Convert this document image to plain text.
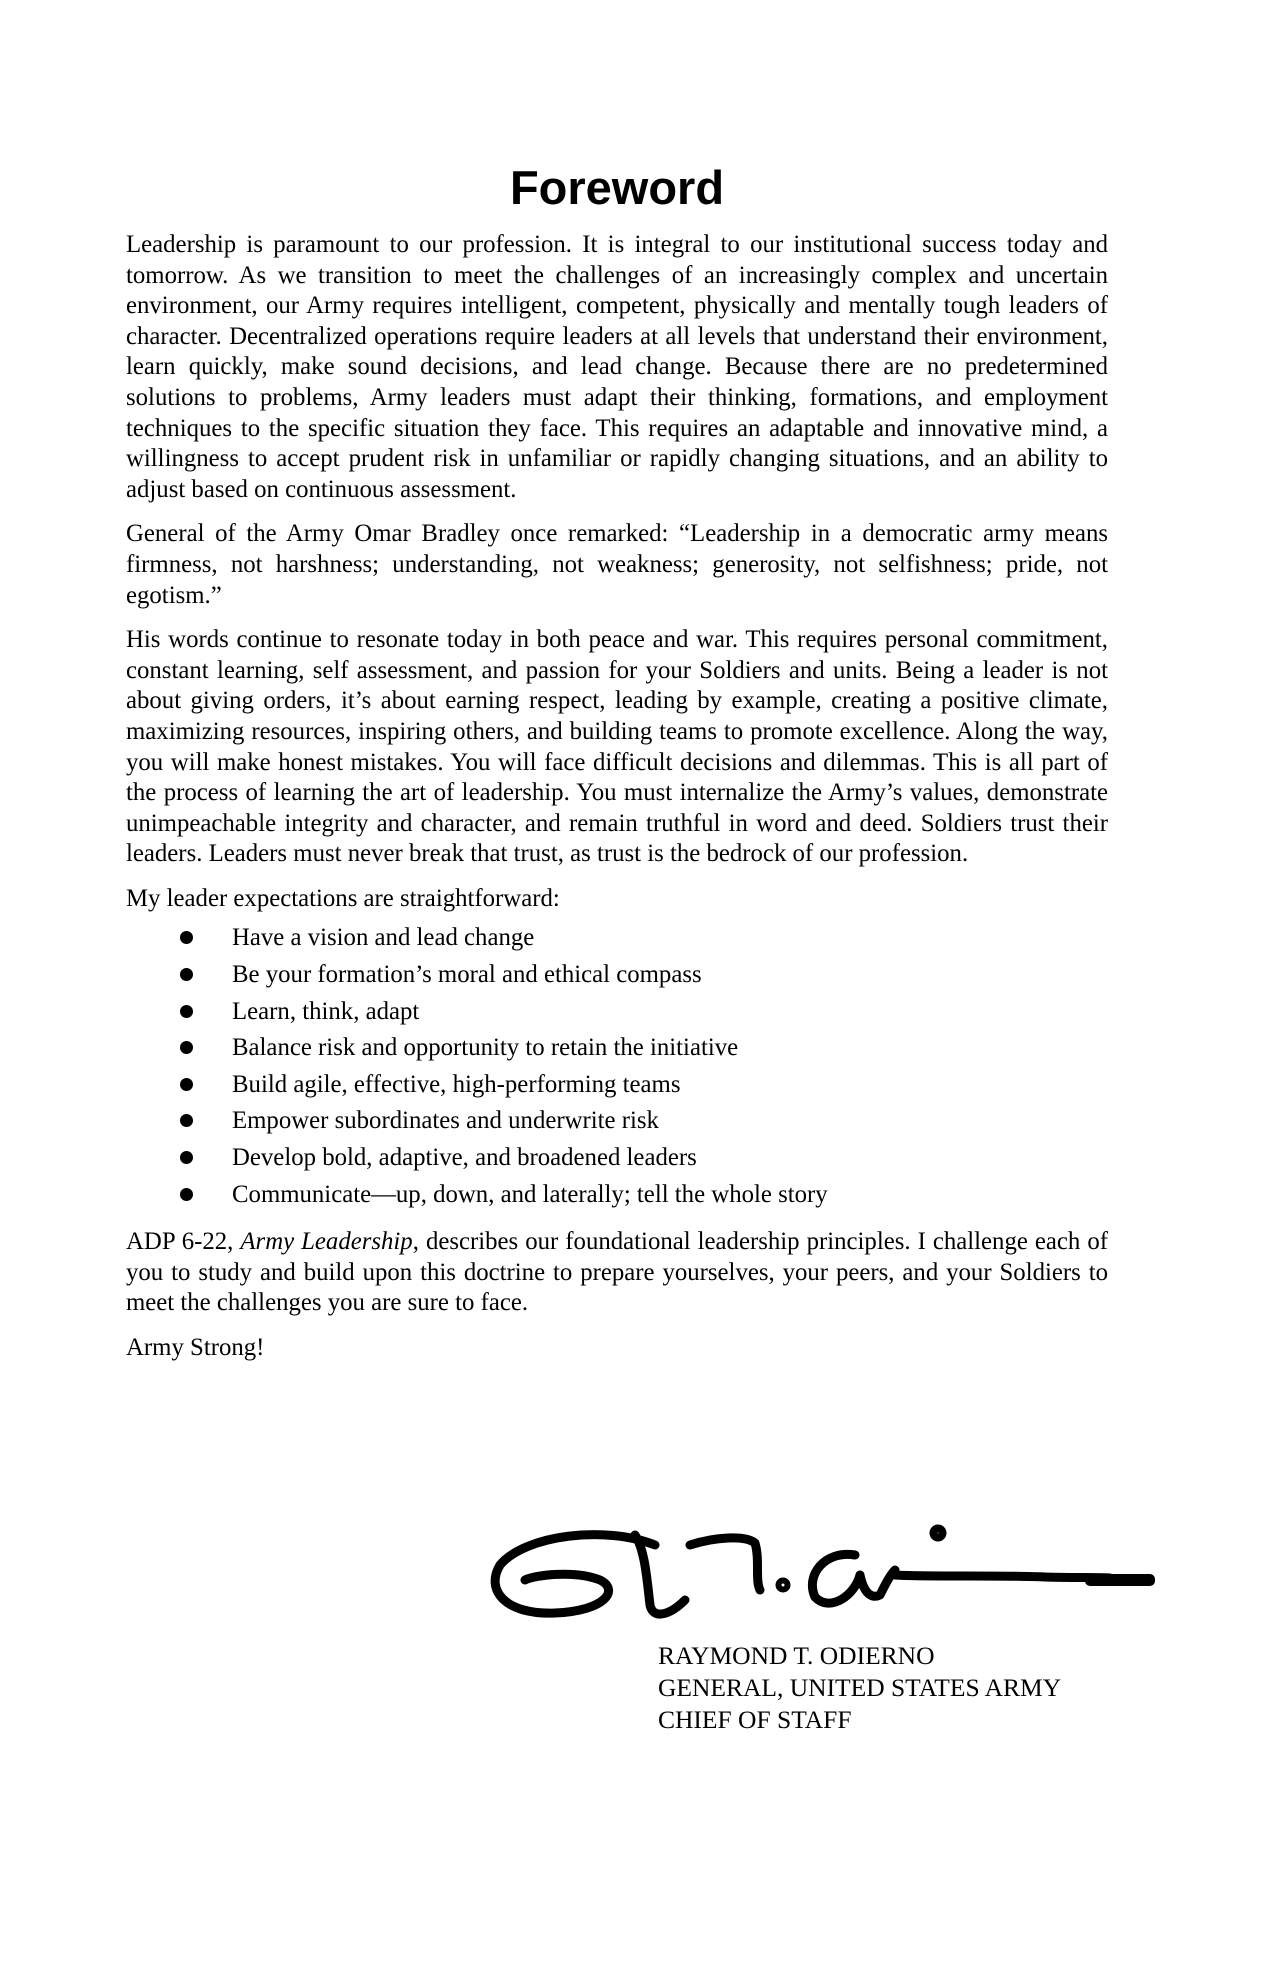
Foreword

Leadership is paramount to our profession. It is integral to our institutional success today and tomorrow. As we transition to meet the challenges of an increasingly complex and uncertain environment, our Army requires intelligent, competent, physically and mentally tough leaders of character. Decentralized operations require leaders at all levels that understand their environment, learn quickly, make sound decisions, and lead change. Because there are no predetermined solutions to problems, Army leaders must adapt their thinking, formations, and employment techniques to the specific situation they face. This requires an adaptable and innovative mind, a willingness to accept prudent risk in unfamiliar or rapidly changing situations, and an ability to adjust based on continuous assessment.

General of the Army Omar Bradley once remarked: “Leadership in a democratic army means firmness, not harshness; understanding, not weakness; generosity, not selfishness; pride, not egotism.”

His words continue to resonate today in both peace and war. This requires personal commitment, constant learning, self assessment, and passion for your Soldiers and units. Being a leader is not about giving orders, it’s about earning respect, leading by example, creating a positive climate, maximizing resources, inspiring others, and building teams to promote excellence. Along the way, you will make honest mistakes. You will face difficult decisions and dilemmas. This is all part of the process of learning the art of leadership. You must internalize the Army’s values, demonstrate unimpeachable integrity and character, and remain truthful in word and deed. Soldiers trust their leaders. Leaders must never break that trust, as trust is the bedrock of our profession.

My leader expectations are straightforward:

Have a vision and lead change
Be your formation’s moral and ethical compass
Learn, think, adapt
Balance risk and opportunity to retain the initiative
Build agile, effective, high-performing teams
Empower subordinates and underwrite risk
Develop bold, adaptive, and broadened leaders
Communicate—up, down, and laterally; tell the whole story

ADP 6-22, Army Leadership, describes our foundational leadership principles. I challenge each of you to study and build upon this doctrine to prepare yourselves, your peers, and your Soldiers to meet the challenges you are sure to face.

Army Strong!

RAYMOND T. ODIERNO
GENERAL, UNITED STATES ARMY
CHIEF OF STAFF
